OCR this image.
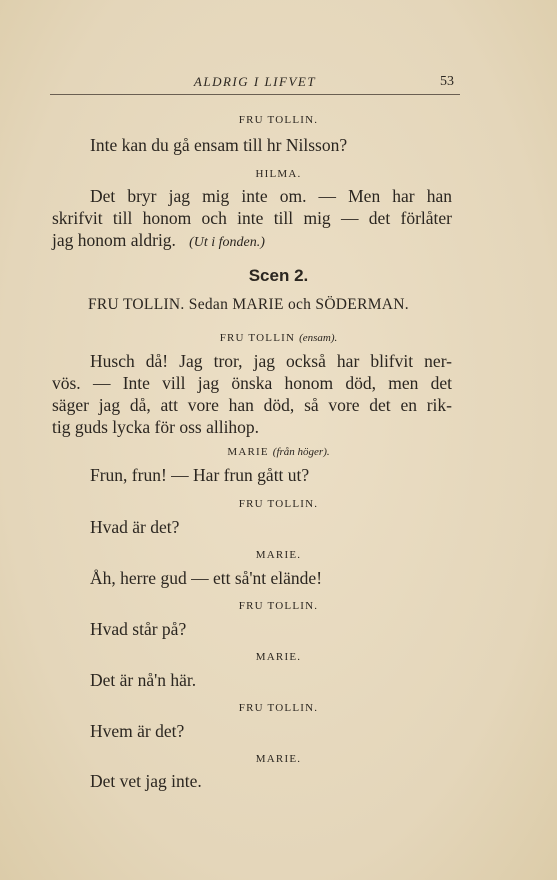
ALDRIG I LIFVET	53
FRU TOLLIN.
Inte kan du gå ensam till hr Nilsson?
HILMA.
Det bryr jag mig inte om. — Men har han
skrifvit till honom och inte till mig — det förlåter
jag honom aldrig. (Ut i fonden.)
Scen 2.
FRU TOLLIN. Sedan MARIE och SÖDERMAN.
FRU TOLLIN (ensam).
Husch då! Jag tror, jag också har blifvit ner-
vös. — Inte vill jag önska honom död, men det
säger jag då, att vore han död, så vore det en rik-
tig guds lycka för oss allihop.
MARIE (från höger).
Frun, frun! — Har frun gått ut?
FRU TOLLIN.
Hvad är det?
MARIE.
Åh, herre gud — ett så'nt elände!
FRU TOLLIN.
Hvad står på?
MARIE.
Det är nå'n här.
FRU TOLLIN.
Hvem är det?
MARIE.
Det vet jag inte.
